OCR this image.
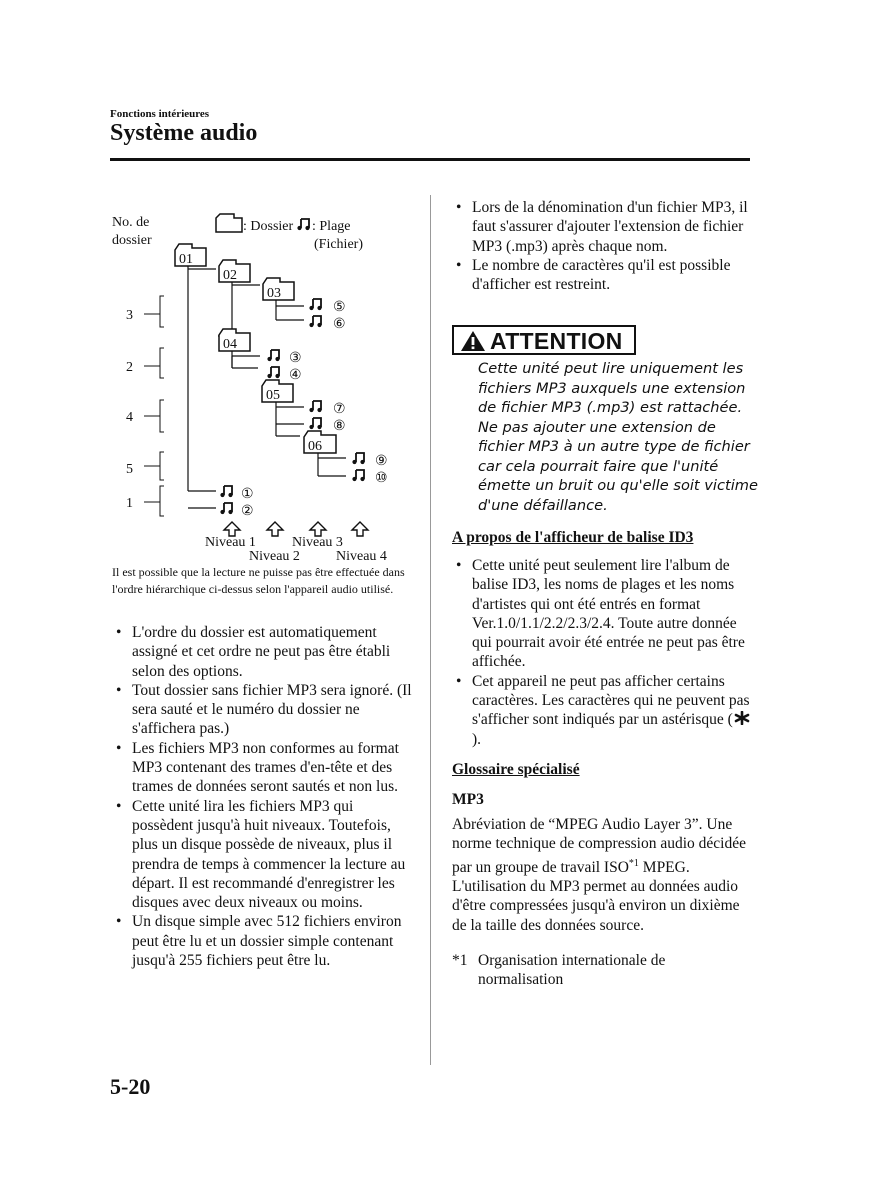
Fonctions intérieures
Système audio
No. de
dossier
: Dossier : Plage
(Fichier)
01
02
03
04
05
06
⑤
⑥
③
④
⑦
⑧
⑨
⑩
①
②
3
2
4
5
1
Niveau 1
Niveau 2
Niveau 3
Niveau 4
Il est possible que la lecture ne puisse pas être effectuée dans l'ordre hiérarchique ci-dessus selon l'appareil audio utilisé.
• L'ordre du dossier est automatiquement assigné et cet ordre ne peut pas être établi selon des options.
• Tout dossier sans fichier MP3 sera ignoré. (Il sera sauté et le numéro du dossier ne s'affichera pas.)
• Les fichiers MP3 non conformes au format MP3 contenant des trames d'en-tête et des trames de données seront sautés et non lus.
• Cette unité lira les fichiers MP3 qui possèdent jusqu'à huit niveaux. Toutefois, plus un disque possède de niveaux, plus il prendra de temps à commencer la lecture au départ. Il est recommandé d'enregistrer les disques avec deux niveaux ou moins.
• Un disque simple avec 512 fichiers environ peut être lu et un dossier simple contenant jusqu'à 255 fichiers peut être lu.
• Lors de la dénomination d'un fichier MP3, il faut s'assurer d'ajouter l'extension de fichier MP3 (.mp3) après chaque nom.
• Le nombre de caractères qu'il est possible d'afficher est restreint.
ATTENTION
Cette unité peut lire uniquement les fichiers MP3 auxquels une extension de fichier MP3 (.mp3) est rattachée. Ne pas ajouter une extension de fichier MP3 à un autre type de fichier car cela pourrait faire que l'unité émette un bruit ou qu'elle soit victime d'une défaillance.
A propos de l'afficheur de balise ID3
• Cette unité peut seulement lire l'album de balise ID3, les noms de plages et les noms d'artistes qui ont été entrés en format Ver.1.0/1.1/2.2/2.3/2.4. Toute autre donnée qui pourrait avoir été entrée ne peut pas être affichée.
• Cet appareil ne peut pas afficher certains caractères. Les caractères qui ne peuvent pas s'afficher sont indiqués par un astérisque ().
Glossaire spécialisé
MP3
Abréviation de “MPEG Audio Layer 3”. Une norme technique de compression audio décidée par un groupe de travail ISO$^{*1}$ MPEG. L'utilisation du MP3 permet au données audio d'être compressées jusqu'à environ un dixième de la taille des données source.
*1 Organisation internationale de normalisation
5-20
